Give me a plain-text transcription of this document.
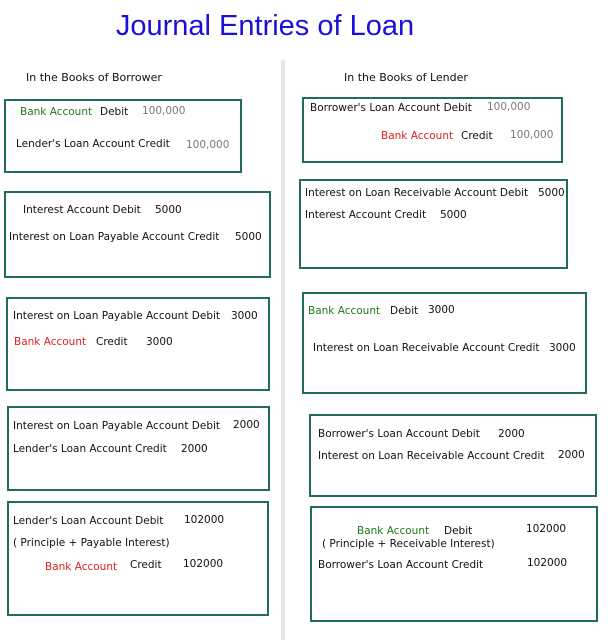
Journal Entries of Loan
In the Books of Borrower	In the Books of Lender
Bank Account Debit 100,000
Lender's Loan Account Credit 100,000
Interest Account Debit 5000
Interest on Loan Payable Account Credit 5000
Interest on Loan Payable Account Debit 3000
Bank Account Credit 3000
Interest on Loan Payable Account Debit 2000
Lender's Loan Account Credit 2000
Lender's Loan Account Debit 102000
( Principle + Payable Interest)
Bank Account Credit 102000
Borrower's Loan Account Debit 100,000
Bank Account Credit 100,000
Interest on Loan Receivable Account Debit 5000
Interest Account Credit 5000
Bank Account Debit 3000
Interest on Loan Receivable Account Credit 3000
Borrower's Loan Account Debit 2000
Interest on Loan Receivable Account Credit 2000
Bank Account Debit	102000
( Principle + Receivable Interest)
Borrower's Loan Account Credit	102000
